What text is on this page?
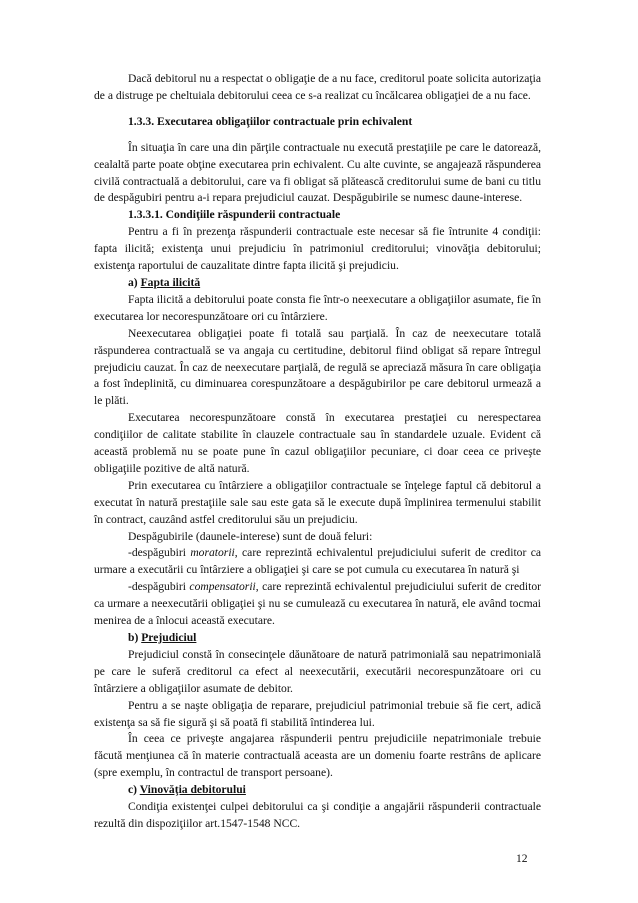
Dacă debitorul nu a respectat o obligaţie de a nu face, creditorul poate solicita autorizaţia de a distruge pe cheltuiala debitorului ceea ce s-a realizat cu încălcarea obligaţiei de a nu face.

1.3.3. Executarea obligaţiilor contractuale prin echivalent

În situaţia în care una din părţile contractuale nu execută prestaţiile pe care le datorează, cealaltă parte poate obţine executarea prin echivalent. Cu alte cuvinte, se angajează răspunderea civilă contractuală a debitorului, care va fi obligat să plătească creditorului sume de bani cu titlu de despăgubiri pentru a-i repara prejudiciul cauzat. Despăgubirile se numesc daune-interese.

1.3.3.1. Condiţiile răspunderii contractuale

Pentru a fi în prezenţa răspunderii contractuale este necesar să fie întrunite 4 condiţii: fapta ilicită; existenţa unui prejudiciu în patrimoniul creditorului; vinovăţia debitorului; existenţa raportului de cauzalitate dintre fapta ilicită şi prejudiciu.

a) Fapta ilicită

Fapta ilicită a debitorului poate consta fie într-o neexecutare a obligaţiilor asumate, fie în executarea lor necorespunzătoare ori cu întârziere.

Neexecutarea obligaţiei poate fi totală sau parţială. În caz de neexecutare totală răspunderea contractuală se va angaja cu certitudine, debitorul fiind obligat să repare întregul prejudiciu cauzat. În caz de neexecutare parţială, de regulă se apreciază măsura în care obligaţia a fost îndeplinită, cu diminuarea corespunzătoare a despăgubirilor pe care debitorul urmează a le plăti.

Executarea necorespunzătoare constă în executarea prestaţiei cu nerespectarea condiţiilor de calitate stabilite în clauzele contractuale sau în standardele uzuale. Evident că această problemă nu se poate pune în cazul obligaţiilor pecuniare, ci doar ceea ce priveşte obligaţiile pozitive de altă natură.

Prin executarea cu întârziere a obligaţiilor contractuale se înţelege faptul că debitorul a executat în natură prestaţiile sale sau este gata să le execute după împlinirea termenului stabilit în contract, cauzând astfel creditorului său un prejudiciu.

Despăgubirile (daunele-interese) sunt de două feluri:

-despăgubiri moratorii, care reprezintă echivalentul prejudiciului suferit de creditor ca urmare a executării cu întârziere a obligaţiei şi care se pot cumula cu executarea în natură şi

-despăgubiri compensatorii, care reprezintă echivalentul prejudiciului suferit de creditor ca urmare a neexecutării obligaţiei şi nu se cumulează cu executarea în natură, ele având tocmai menirea de a înlocui această executare.

b) Prejudiciul

Prejudiciul constă în consecinţele dăunătoare de natură patrimonială sau nepatrimonială pe care le suferă creditorul ca efect al neexecutării, executării necorespunzătoare ori cu întârziere a obligaţiilor asumate de debitor.

Pentru a se naşte obligaţia de reparare, prejudiciul patrimonial trebuie să fie cert, adică existenţa sa să fie sigură şi să poată fi stabilită întinderea lui.

În ceea ce priveşte angajarea răspunderii pentru prejudiciile nepatrimoniale trebuie făcută menţiunea că în materie contractuală aceasta are un domeniu foarte restrâns de aplicare (spre exemplu, în contractul de transport persoane).

c) Vinovăţia debitorului

Condiţia existenţei culpei debitorului ca şi condiţie a angajării răspunderii contractuale rezultă din dispoziţiilor art.1547-1548 NCC.

12
